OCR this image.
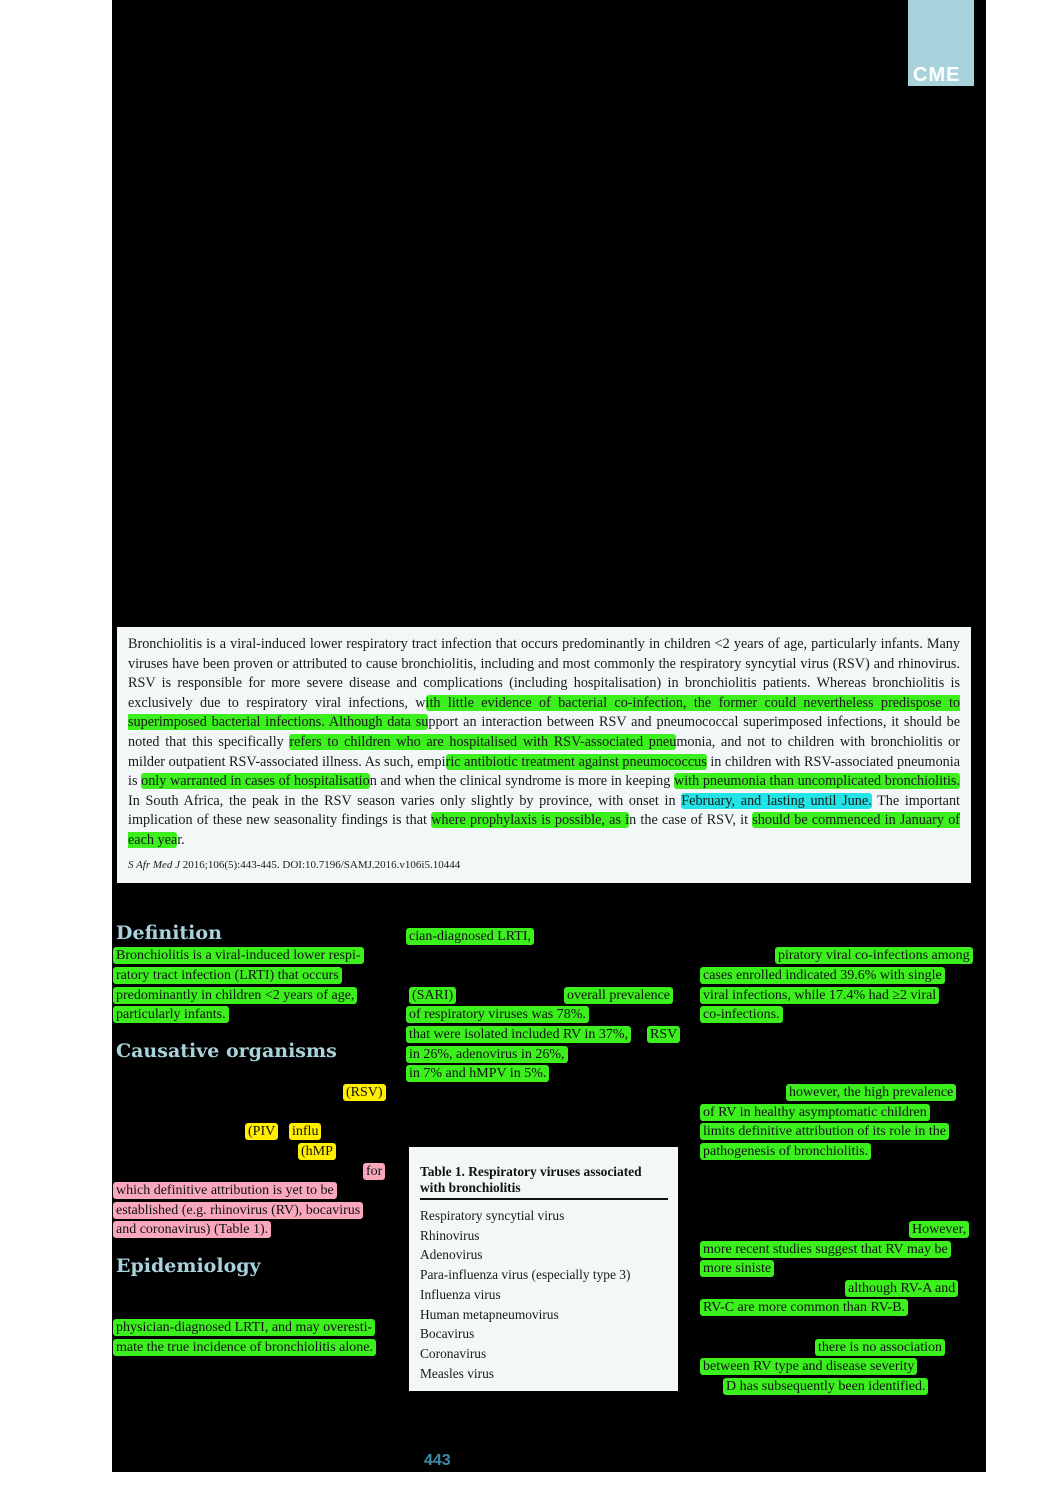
CME

Bronchiolitis is a viral-induced lower respiratory tract infection that occurs predominantly in children <2 years of age, particularly infants. Many viruses have been proven or attributed to cause bronchiolitis, including and most commonly the respiratory syncytial virus (RSV) and rhinovirus. RSV is responsible for more severe disease and complications (including hospitalisation) in bronchiolitis patients. Whereas bronchiolitis is exclusively due to respiratory viral infections, with little evidence of bacterial co-infection, the former could nevertheless predispose to superimposed bacterial infections. Although data support an interaction between RSV and pneumococcal superimposed infections, it should be noted that this specifically refers to children who are hospitalised with RSV-associated pneumonia, and not to children with bronchiolitis or milder outpatient RSV-associated illness. As such, empiric antibiotic treatment against pneumococcus in children with RSV-associated pneumonia is only warranted in cases of hospitalisation and when the clinical syndrome is more in keeping with pneumonia than uncomplicated bronchiolitis. In South Africa, the peak in the RSV season varies only slightly by province, with onset in February, and lasting until June. The important implication of these new seasonality findings is that where prophylaxis is possible, as in the case of RSV, it should be commenced in January of each year.

S Afr Med J 2016;106(5):443-445. DOI:10.7196/SAMJ.2016.v106i5.10444

Definition
Bronchiolitis is a viral-induced lower respi-
ratory tract infection (LRTI) that occurs
predominantly in children <2 years of age,
particularly infants.
Causative organisms
(RSV)
(PIV influ
(hMP
for
which definitive attribution is yet to be
established (e.g. rhinovirus (RV), bocavirus
and coronavirus) (Table 1).
Epidemiology
physician-diagnosed LRTI, and may overesti-
mate the true incidence of bronchiolitis alone.
cian-diagnosed LRTI,
(SARI)	overall prevalence
of respiratory viruses was 78%.
that were isolated included RV in 37%, RSV
in 26%, adenovirus in 26%,
in 7% and hMPV in 5%.
Table 1. Respiratory viruses associated with bronchiolitis
Respiratory syncytial virus
Rhinovirus
Adenovirus
Para-influenza virus (especially type 3)
Influenza virus
Human metapneumovirus
Bocavirus
Coronavirus
Measles virus
piratory viral co-infections among
cases enrolled indicated 39.6% with single
viral infections, while 17.4% had ≥2 viral
co-infections.
however, the high prevalence
of RV in healthy asymptomatic children
limits definitive attribution of its role in the
pathogenesis of bronchiolitis.
However,
more recent studies suggest that RV may be
more siniste
although RV-A and
RV-C are more common than RV-B.
there is no association
between RV type and disease severity
D has subsequently been identified.
443
